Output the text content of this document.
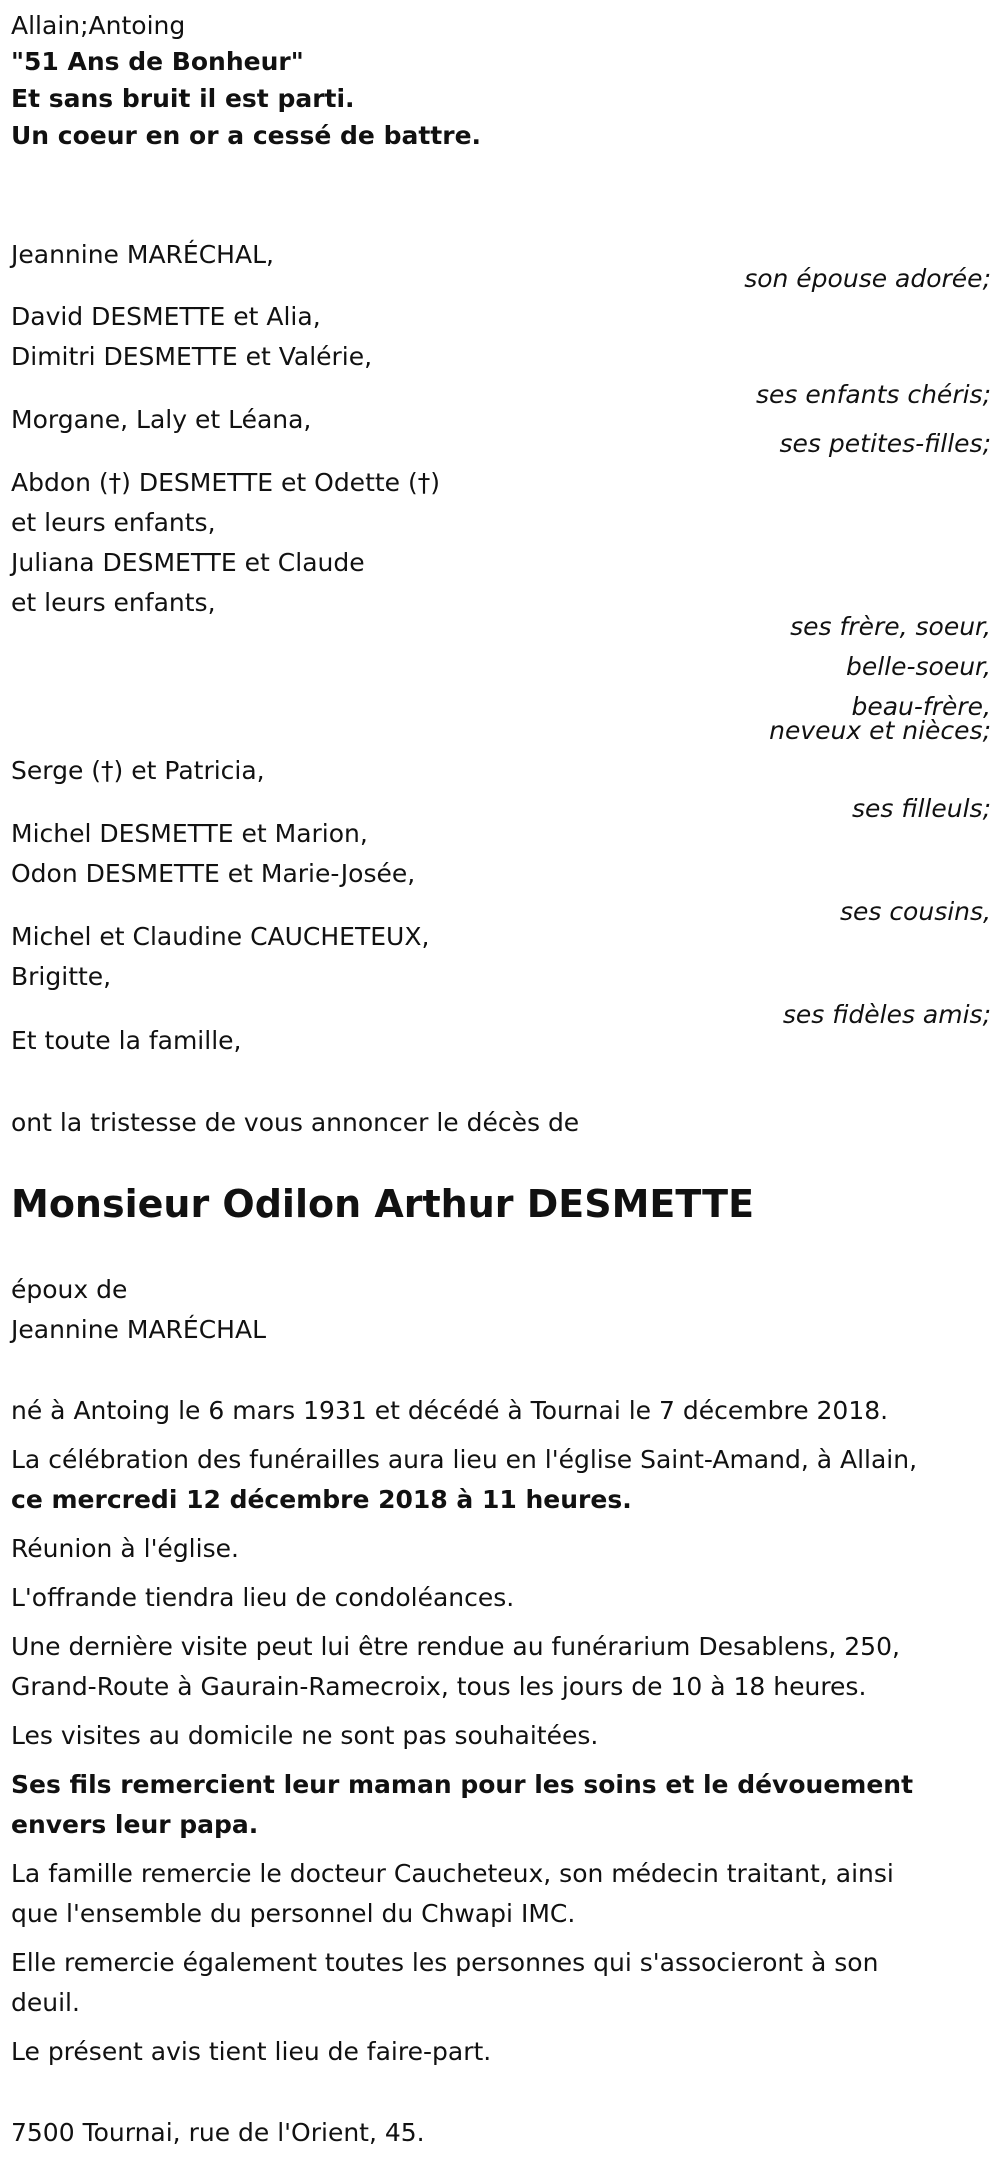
Allain;Antoing
"51 Ans de Bonheur"
Et sans bruit il est parti.
Un coeur en or a cessé de battre.
Jeannine MARÉCHAL,
son épouse adorée;
David DESMETTE et Alia,
Dimitri DESMETTE et Valérie,
ses enfants chéris;
Morgane, Laly et Léana,
ses petites-filles;
Abdon (†) DESMETTE et Odette (†)
et leurs enfants,
Juliana DESMETTE et Claude
et leurs enfants,
ses frère, soeur,
belle-soeur,
beau-frère,
neveux et nièces;
Serge (†) et Patricia,
ses filleuls;
Michel DESMETTE et Marion,
Odon DESMETTE et Marie-Josée,
ses cousins,
Michel et Claudine CAUCHETEUX,
Brigitte,
ses fidèles amis;
Et toute la famille,
ont la tristesse de vous annoncer le décès de
Monsieur Odilon Arthur DESMETTE
époux de
Jeannine MARÉCHAL
né à Antoing le 6 mars 1931 et décédé à Tournai le 7 décembre 2018.
La célébration des funérailles aura lieu en l'église Saint-Amand, à Allain,
ce mercredi 12 décembre 2018 à 11 heures.
Réunion à l'église.
L'offrande tiendra lieu de condoléances.
Une dernière visite peut lui être rendue au funérarium Desablens, 250,
Grand-Route à Gaurain-Ramecroix, tous les jours de 10 à 18 heures.
Les visites au domicile ne sont pas souhaitées.
Ses fils remercient leur maman pour les soins et le dévouement
envers leur papa.
La famille remercie le docteur Caucheteux, son médecin traitant, ainsi
que l'ensemble du personnel du Chwapi IMC.
Elle remercie également toutes les personnes qui s'associeront à son
deuil.
Le présent avis tient lieu de faire-part.
7500 Tournai, rue de l'Orient, 45.
